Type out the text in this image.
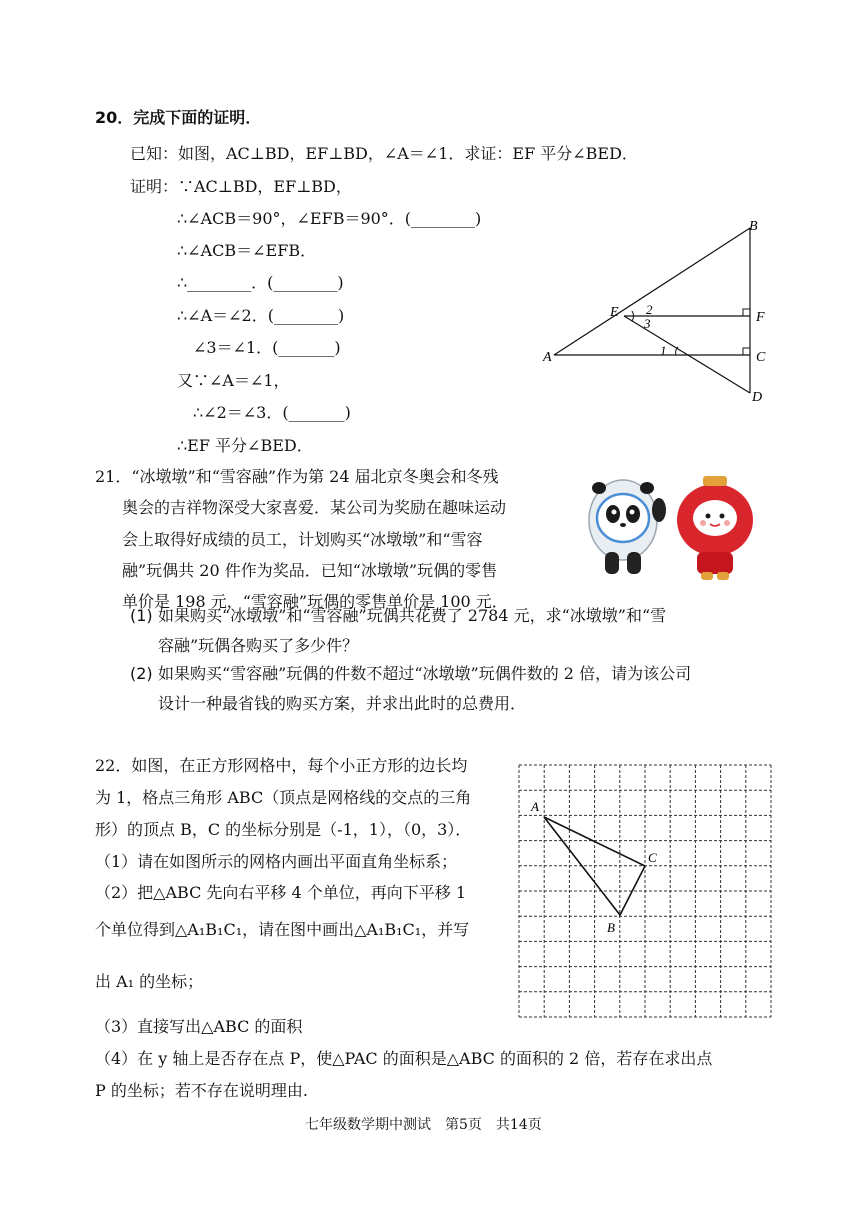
20．完成下面的证明．
已知：如图，AC⊥BD，EF⊥BD，∠A＝∠1．求证：EF 平分∠BED．
证明：∵AC⊥BD，EF⊥BD，
∴∠ACB＝90°，∠EFB＝90°．(________)
∴∠ACB＝∠EFB．
∴________．(________)
∴∠A＝∠2．(________)
∠3＝∠1．(_______)
又∵∠A＝∠1，
∴∠2＝∠3．(_______)
∴EF 平分∠BED．
B
E	F
A	C
D
1
2
3
21．“冰墩墩”和“雪容融”作为第 24 届北京冬奥会和冬残
奥会的吉祥物深受大家喜爱．某公司为奖励在趣味运动
会上取得好成绩的员工，计划购买“冰墩墩”和“雪容
融”玩偶共 20 件作为奖品．已知“冰墩墩”玩偶的零售
单价是 198 元，“雪容融”玩偶的零售单价是 100 元．
(1) 如果购买“冰墩墩”和“雪容融”玩偶共花费了 2784 元，求“冰墩墩”和“雪
容融”玩偶各购买了多少件？
(2) 如果购买“雪容融”玩偶的件数不超过“冰墩墩”玩偶件数的 2 倍，请为该公司
设计一种最省钱的购买方案，并求出此时的总费用．
22．如图，在正方形网格中，每个小正方形的边长均
为 1，格点三角形 ABC（顶点是网格线的交点的三角
形）的顶点 B，C 的坐标分别是（-1，1），（0，3）．
（1）请在如图所示的网格内画出平面直角坐标系；
（2）把△ABC 先向右平移 4 个单位，再向下平移 1
个单位得到△A₁B₁C₁，请在图中画出△A₁B₁C₁，并写
出 A₁ 的坐标；
（3）直接写出△ABC 的面积
（4）在 y 轴上是否存在点 P，使△PAC 的面积是△ABC 的面积的 2 倍，若存在求出点
P 的坐标；若不存在说明理由.
A
B
C
七年级数学期中测试　第5页　共14页
